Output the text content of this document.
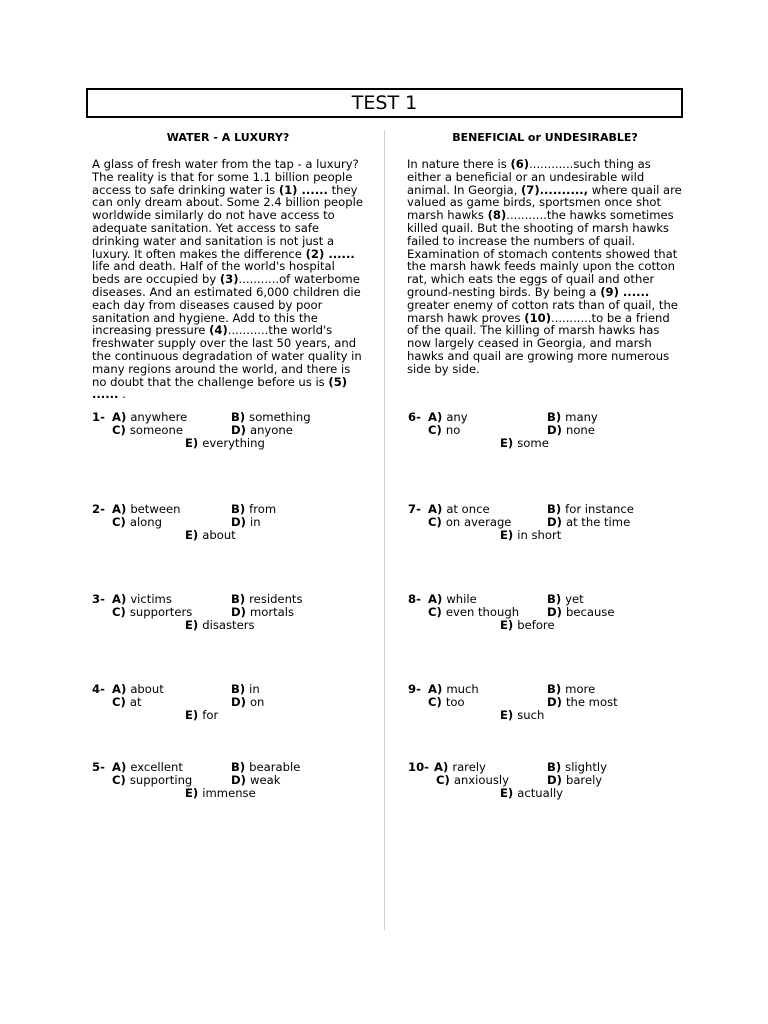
TEST 1

WATER - A LUXURY?

A glass of fresh water from the tap - a luxury? The reality is that for some 1.1 billion people access to safe drinking water is (1) ...... they can only dream about. Some 2.4 billion people worldwide similarly do not have access to adequate sanitation. Yet access to safe drinking water and sanitation is not just a luxury. It often makes the difference (2) ...... life and death. Half of the world's hospital beds are occupied by (3)...........of waterbome diseases. And an estimated 6,000 children die each day from diseases caused by poor sanitation and hygiene. Add to this the increasing pressure (4)...........the world's freshwater supply over the last 50 years, and the continuous degradation of water quality in many regions around the world, and there is no doubt that the challenge before us is (5) ...... .

BENEFICIAL or UNDESIRABLE?

In nature there is (6)............such thing as either a beneficial or an undesirable wild animal. In Georgia, (7).........., where quail are valued as game birds, sportsmen once shot marsh hawks (8)...........the hawks sometimes killed quail. But the shooting of marsh hawks failed to increase the numbers of quail. Examination of stomach contents showed that the marsh hawk feeds mainly upon the cotton rat, which eats the eggs of quail and other ground-nesting birds. By being a (9) ...... greater enemy of cotton rats than of quail, the marsh hawk proves (10)...........to be a friend of the quail. The killing of marsh hawks has now largely ceased in Georgia, and marsh hawks and quail are growing more numerous side by side.

1- A) anywhere	B) something
C) someone	D) anyone
E) everything
2- A) between	B) from
C) along	D) in
E) about
3- A) victims	B) residents
C) supporters	D) mortals
E) disasters
4- A) about	B) in
C) at	D) on
E) for
5- A) excellent	B) bearable
C) supporting	D) weak
E) immense
6- A) any	B) many
C) no	D) none
E) some
7- A) at once	B) for instance
C) on average	D) at the time
E) in short
8- A) while	B) yet
C) even though D) because
E) before
9- A) much	B) more
C) too	D) the most
E) such
10- A) rarely	B) slightly
C) anxiously	D) barely
E) actually
